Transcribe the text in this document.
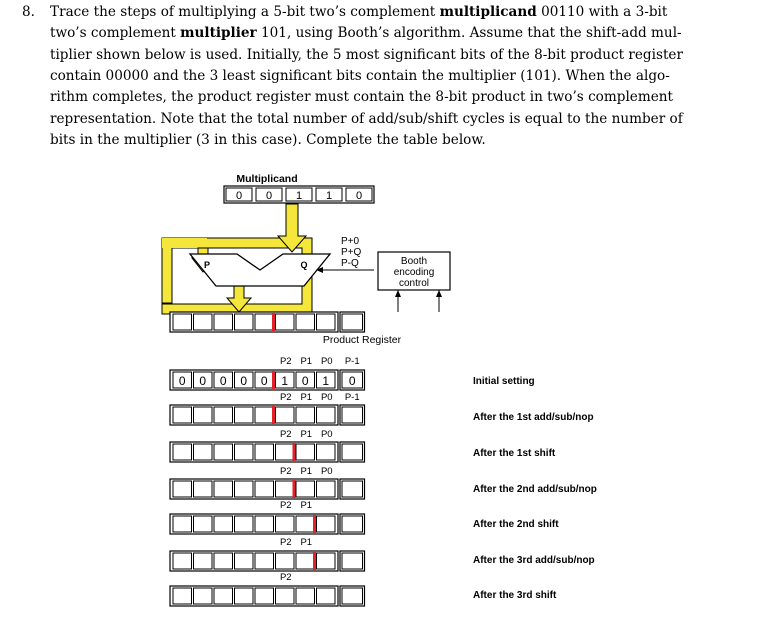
8. Trace the steps of multiplying a 5-bit two’s complement multiplicand 00110 with a 3-bit
two’s complement multiplier 101, using Booth’s algorithm. Assume that the shift-add mul-
tiplier shown below is used. Initially, the 5 most significant bits of the 8-bit product register
contain 00000 and the 3 least significant bits contain the multiplier (101). When the algo-
rithm completes, the product register must contain the 8-bit product in two’s complement
representation. Note that the total number of add/sub/shift cycles is equal to the number of
bits in the multiplier (3 in this case). Complete the table below.
P	Q
P+0
P+Q
P-Q	Booth
encoding
control
Multiplicand
0 0 1 1 0
Product Register
P2 P1 P0 P-1
Initial setting
0 0 0 0 0 1 0 1 0
P2 P1 P0 P-1
After the 1st add/sub/nop
P2 P1 P0
After the 1st shift
P2 P1 P0
After the 2nd add/sub/nop
P2 P1
After the 2nd shift
P2 P1
After the 3rd add/sub/nop
P2
After the 3rd shift
